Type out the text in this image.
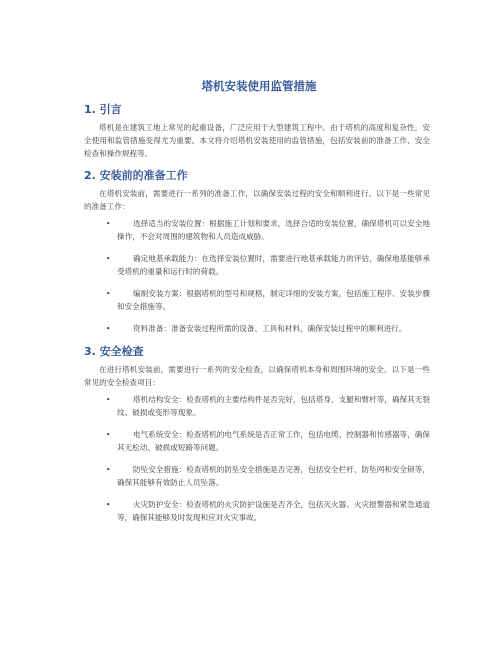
塔机安装使用监管措施
1. 引言

塔机是在建筑工地上常见的起重设备，广泛应用于大型建筑工程中。由于塔机的高度和复杂性，安全使用和监管措施变得尤为重要。本文将介绍塔机安装使用的监管措施，包括安装前的准备工作、安全检查和操作规程等。

2. 安装前的准备工作

在塔机安装前，需要进行一系列的准备工作，以确保安装过程的安全和顺利进行。以下是一些常见的准备工作：

•	选择适当的安装位置：根据施工计划和要求，选择合适的安装位置，确保塔机可以安全地操作，不会对周围的建筑物和人员造成威胁。
•	确定地基承载能力：在选择安装位置时，需要进行地基承载能力的评估，确保地基能够承受塔机的重量和运行时的荷载。
•	编制安装方案：根据塔机的型号和规格，制定详细的安装方案，包括施工程序、安装步骤和安全措施等。
•	资料准备：准备安装过程所需的设备、工具和材料，确保安装过程中的顺利进行。
3. 安全检查

在进行塔机安装前，需要进行一系列的安全检查，以确保塔机本身和周围环境的安全。以下是一些常见的安全检查项目：

•	塔机结构安全：检查塔机的主要结构件是否完好，包括塔身、支腿和臂杆等，确保其无裂纹、破损或变形等现象。
•	电气系统安全：检查塔机的电气系统是否正常工作，包括电缆、控制器和传感器等，确保其无松动、破损或短路等问题。
•	防坠安全措施：检查塔机的防坠安全措施是否完善，包括安全栏杆、防坠网和安全锁等，确保其能够有效防止人员坠落。
•	火灾防护安全：检查塔机的火灾防护设施是否齐全，包括灭火器、火灾报警器和紧急通道等，确保其能够及时发现和应对火灾事故。
